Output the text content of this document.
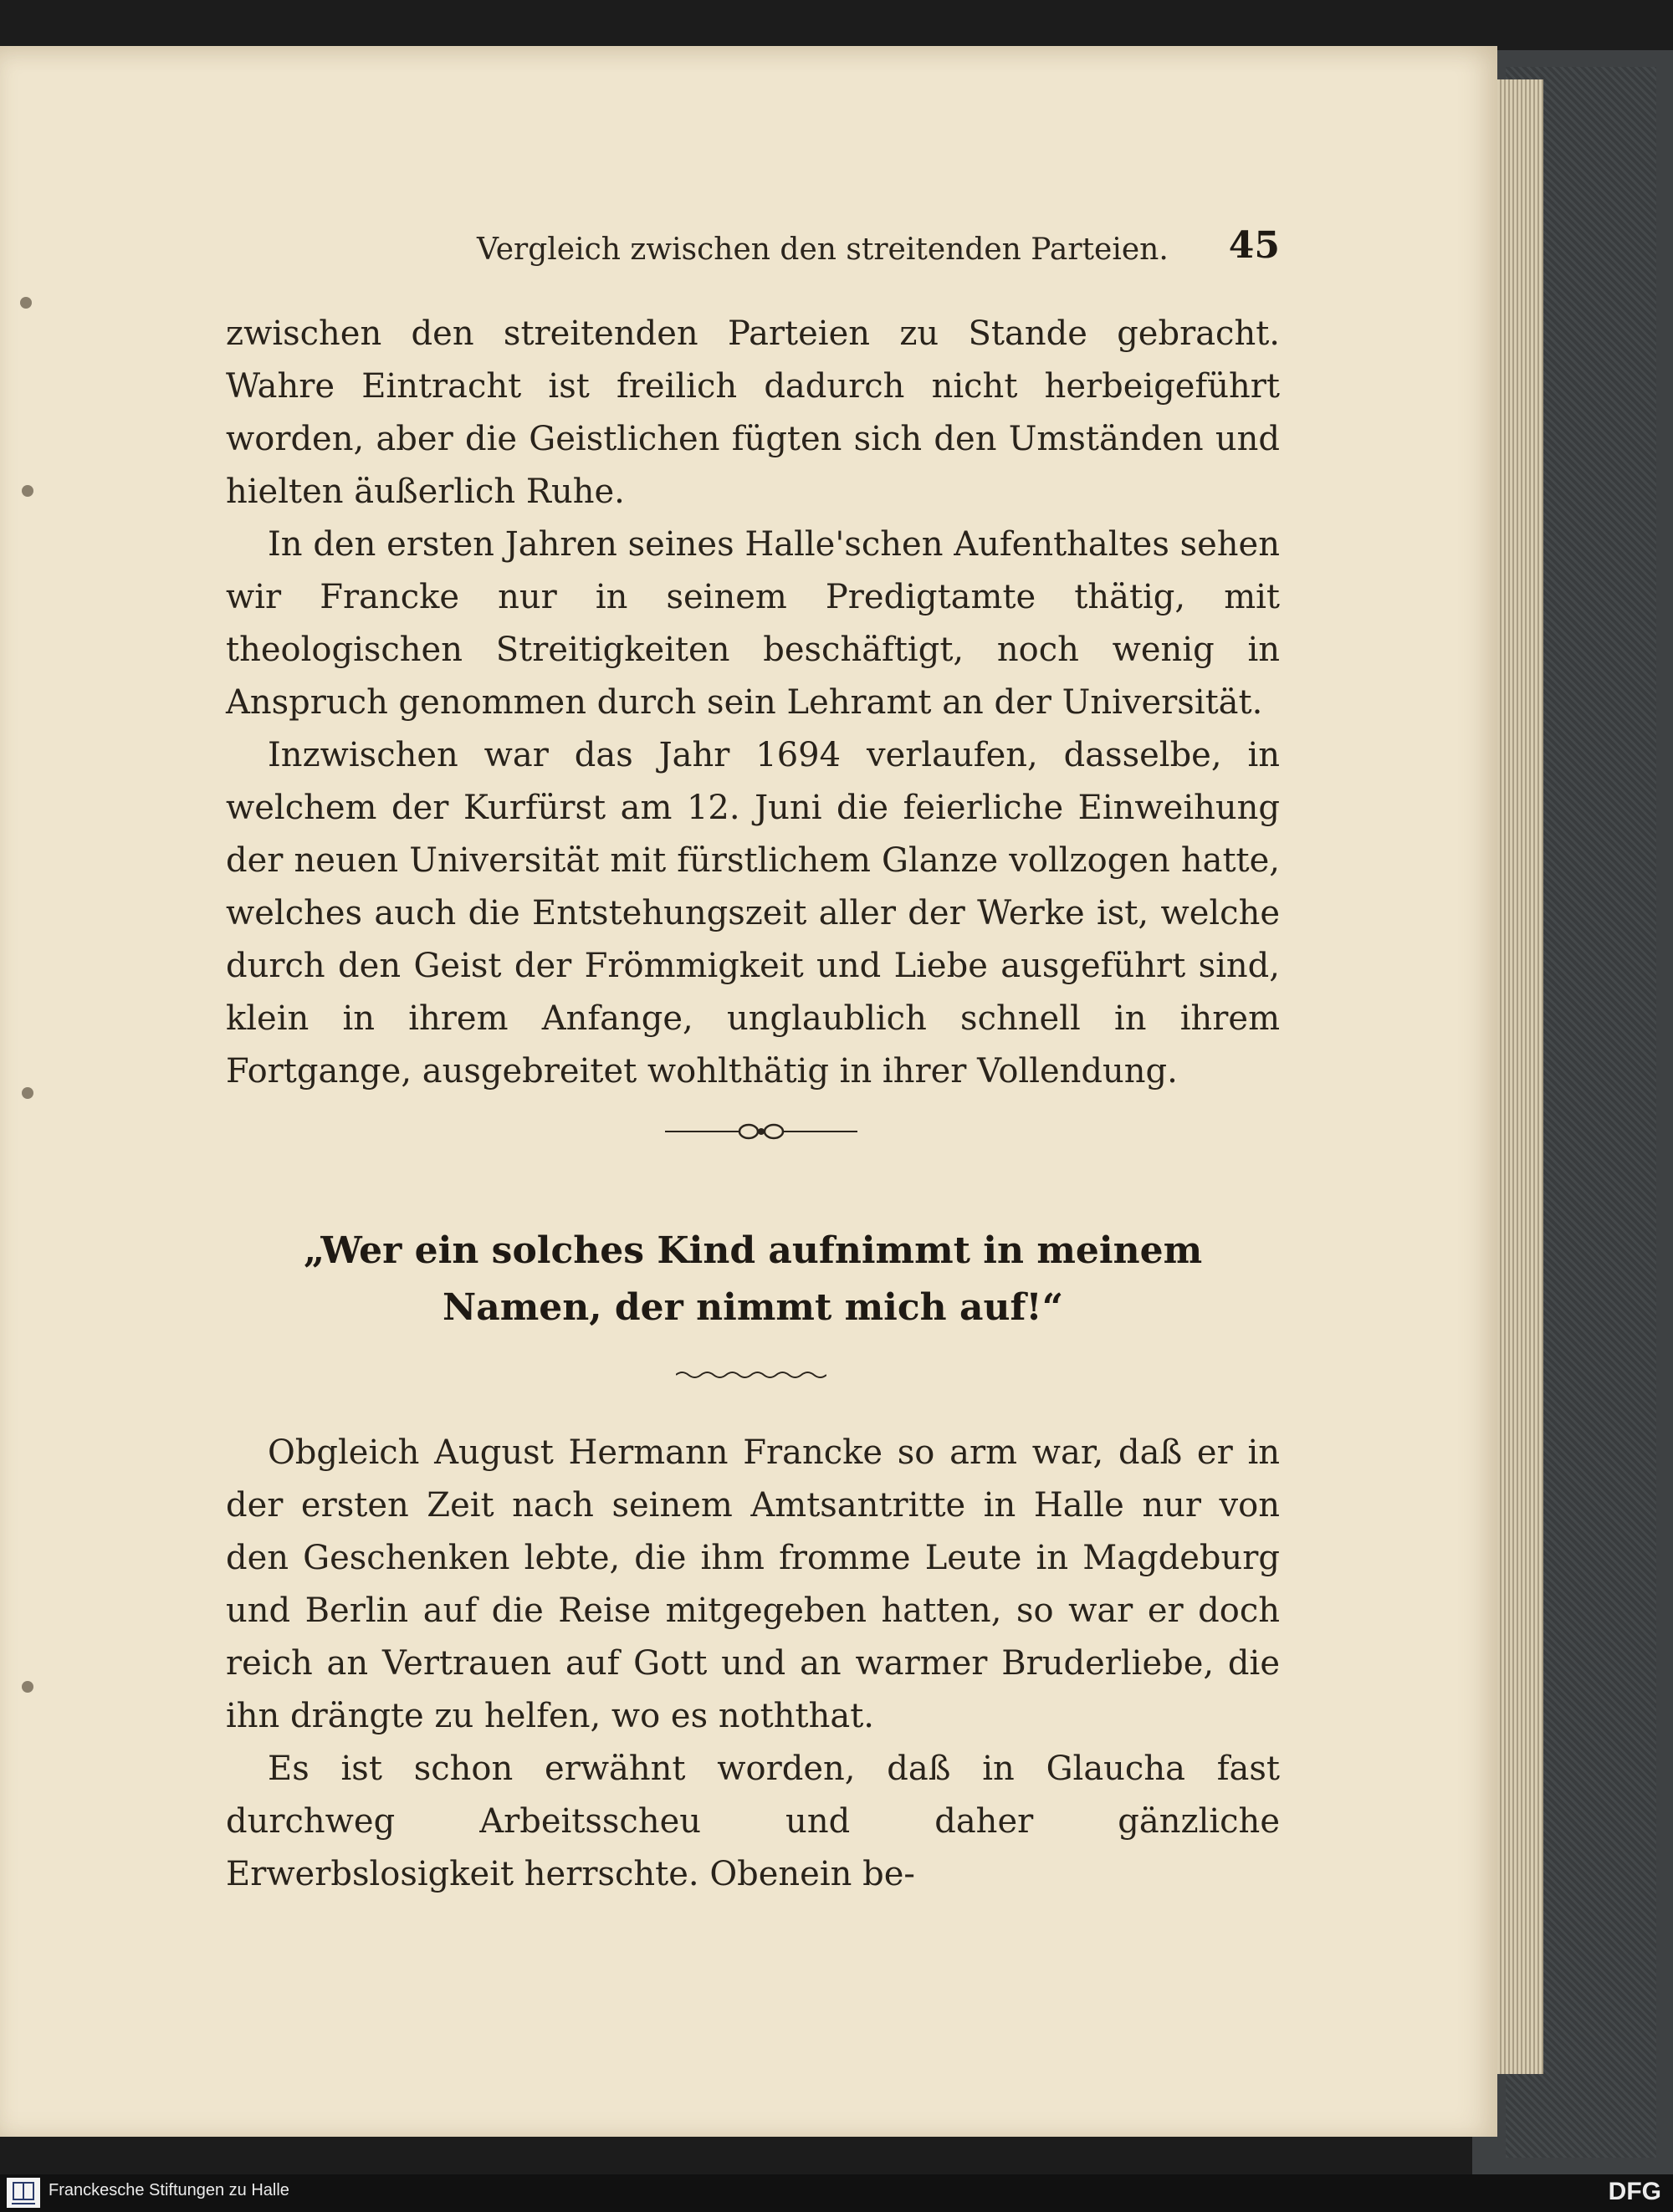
Vergleich zwischen den streitenden Parteien. 45

zwischen den streitenden Parteien zu Stande gebracht. Wahre Eintracht ist freilich dadurch nicht herbeigeführt worden, aber die Geistlichen fügten sich den Umständen und hielten äußerlich Ruhe.

In den ersten Jahren seines Halle'schen Aufenthaltes sehen wir Francke nur in seinem Predigtamte thätig, mit theologischen Streitigkeiten beschäftigt, noch wenig in Anspruch genommen durch sein Lehramt an der Universität.

Inzwischen war das Jahr 1694 verlaufen, dasselbe, in welchem der Kurfürst am 12. Juni die feierliche Einweihung der neuen Universität mit fürstlichem Glanze vollzogen hatte, welches auch die Entstehungszeit aller der Werke ist, welche durch den Geist der Frömmigkeit und Liebe ausgeführt sind, klein in ihrem Anfange, unglaublich schnell in ihrem Fortgange, ausgebreitet wohlthätig in ihrer Vollendung.

„Wer ein solches Kind aufnimmt in meinem Namen, der nimmt mich auf!“

Obgleich August Hermann Francke so arm war, daß er in der ersten Zeit nach seinem Amtsantritte in Halle nur von den Geschenken lebte, die ihm fromme Leute in Magdeburg und Berlin auf die Reise mitgegeben hatten, so war er doch reich an Vertrauen auf Gott und an warmer Bruderliebe, die ihn drängte zu helfen, wo es noththat.

Es ist schon erwähnt worden, daß in Glaucha fast durchweg Arbeitsscheu und daher gänzliche Erwerbslosigkeit herrschte. Obenein be-

Franckesche Stiftungen zu Halle	DFG
